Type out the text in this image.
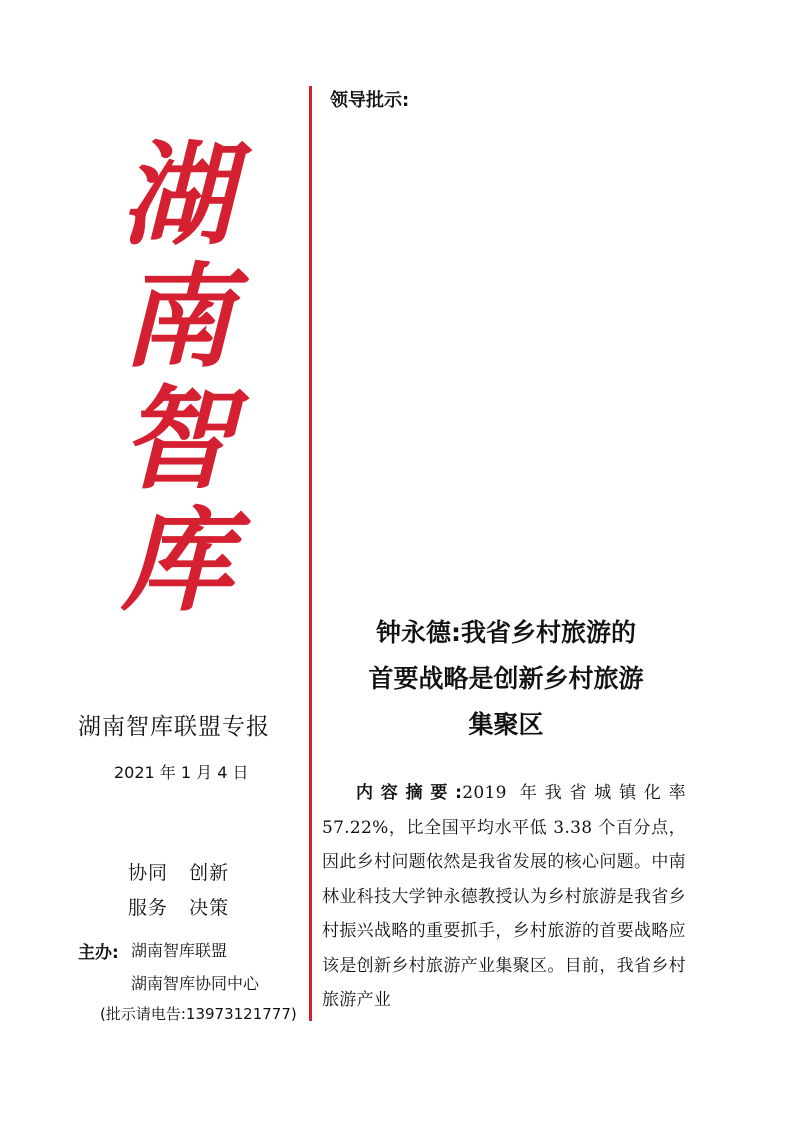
湖
南
智
库
湖南智库联盟专报
2021 年 1 月 4 日
协同   创新
服务   决策
主办: 湖南智库联盟
湖南智库协同中心
(批示请电告:13973121777)
领导批示:
钟永德:我省乡村旅游的
首要战略是创新乡村旅游
集聚区
内容摘要:2019 年我省城镇化率 57.22%，比全国平均水平低 3.38 个百分点，因此乡村问题依然是我省发展的核心问题。中南林业科技大学钟永德教授认为乡村旅游是我省乡村振兴战略的重要抓手，乡村旅游的首要战略应该是创新乡村旅游产业集聚区。目前，我省乡村旅游产业
